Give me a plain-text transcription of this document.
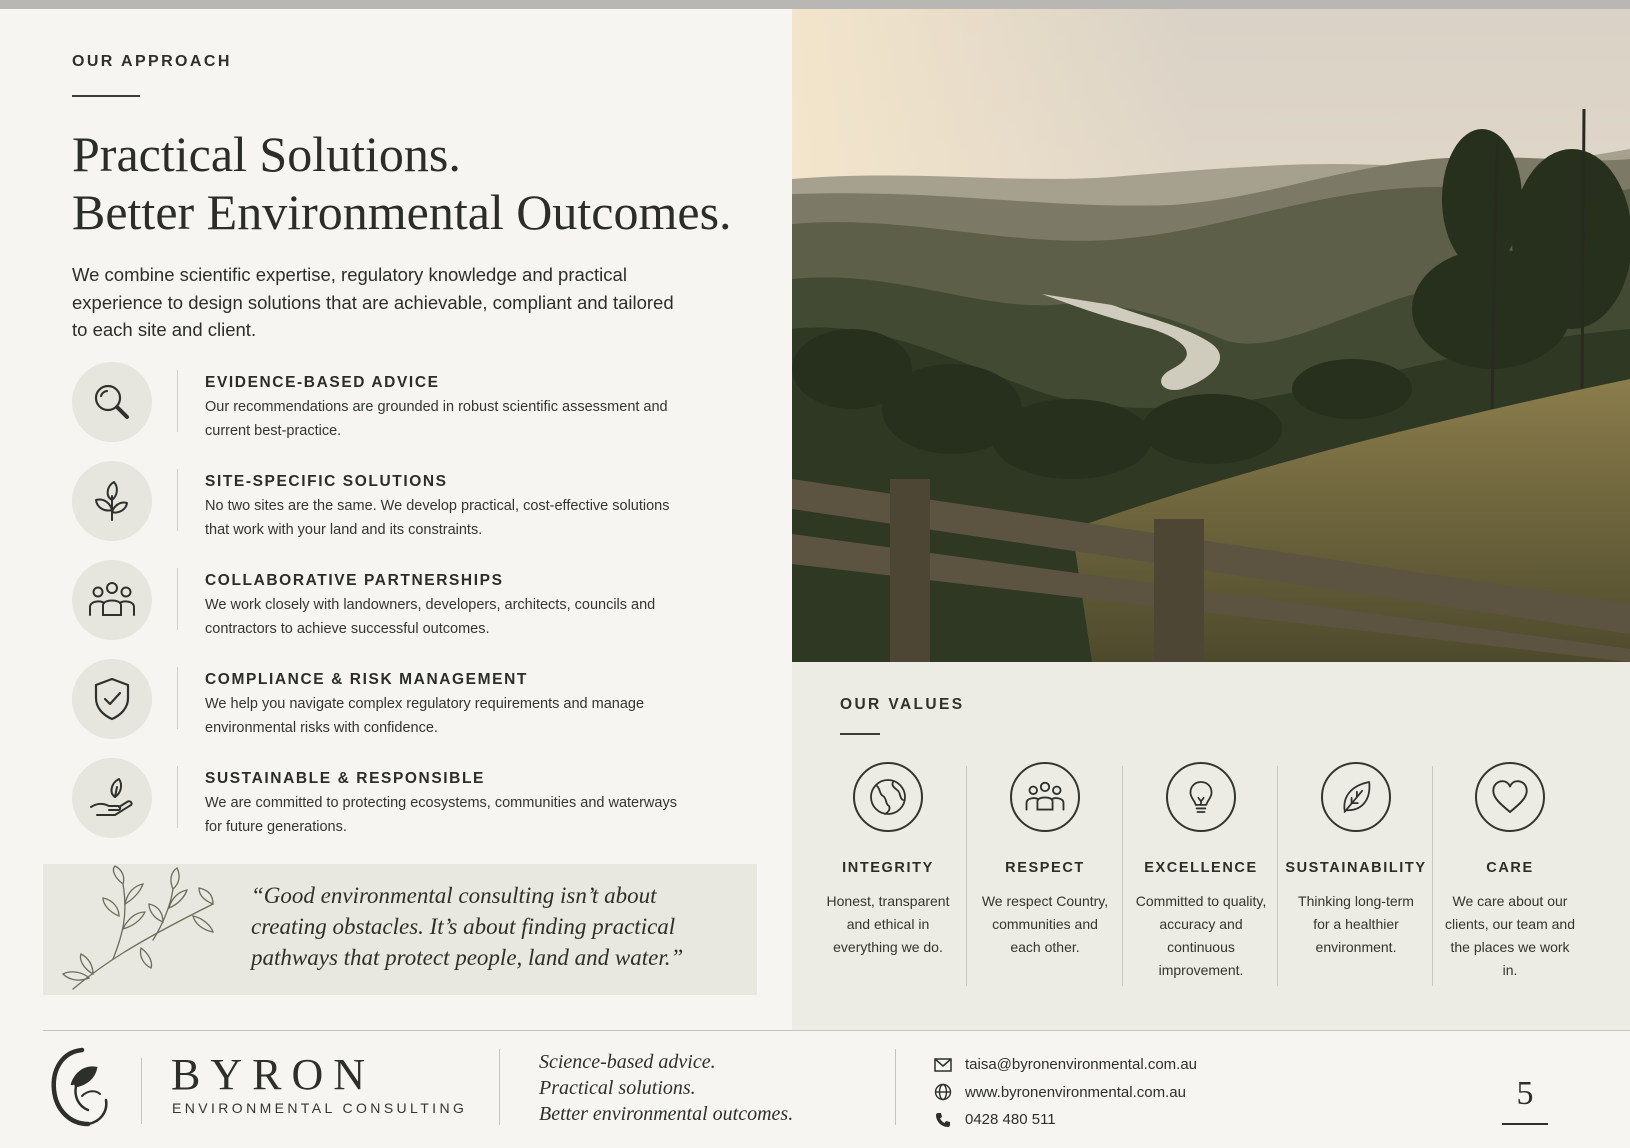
OUR APPROACH
Practical Solutions.
Better Environmental Outcomes.

We combine scientific expertise, regulatory knowledge and practical experience to design solutions that are achievable, compliant and tailored to each site and client.

EVIDENCE-BASED ADVICE
Our recommendations are grounded in robust scientific assessment and current best-practice.
SITE-SPECIFIC SOLUTIONS
No two sites are the same. We develop practical, cost-effective solutions that work with your land and its constraints.
COLLABORATIVE PARTNERSHIPS
We work closely with landowners, developers, architects, councils and contractors to achieve successful outcomes.
COMPLIANCE & RISK MANAGEMENT
We help you navigate complex regulatory requirements and manage environmental risks with confidence.
SUSTAINABLE & RESPONSIBLE
We are committed to protecting ecosystems, communities and waterways for future generations.

“Good environmental consulting isn’t about creating obstacles. It’s about finding practical pathways that protect people, land and water.”

OUR VALUES
INTEGRITY
Honest, transparent and ethical in everything we do.
RESPECT
We respect Country, communities and each other.
EXCELLENCE
Committed to quality, accuracy and continuous improvement.
SUSTAINABILITY
Thinking long-term for a healthier environment.
CARE
We care about our clients, our team and the places we work in.
BYRON
ENVIRONMENTAL CONSULTING
Science-based advice.
Practical solutions.
Better environmental outcomes.
taisa@byronenvironmental.com.au
www.byronenvironmental.com.au
0428 480 511
5
